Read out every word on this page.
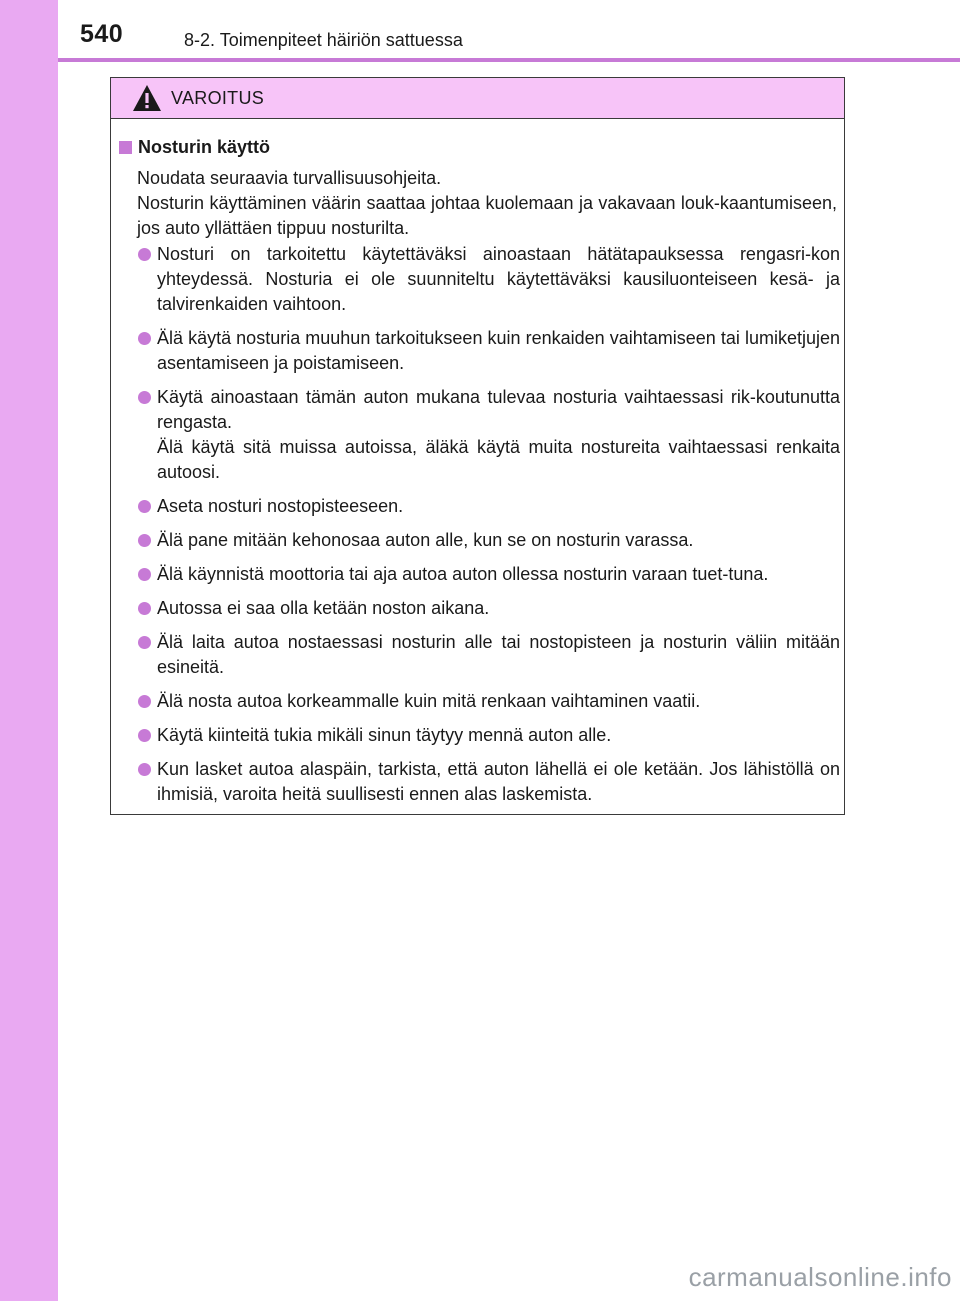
540	8-2. Toimenpiteet häiriön sattuessa
VAROITUS
Nosturin käyttö

Noudata seuraavia turvallisuusohjeita.

Nosturin käyttäminen väärin saattaa johtaa kuolemaan ja vakavaan louk-kaantumiseen, jos auto yllättäen tippuu nosturilta.

Nosturi on tarkoitettu käytettäväksi ainoastaan hätätapauksessa rengasri-kon yhteydessä. Nosturia ei ole suunniteltu käytettäväksi kausiluonteiseen kesä- ja talvirenkaiden vaihtoon.
Älä käytä nosturia muuhun tarkoitukseen kuin renkaiden vaihtamiseen tai lumiketjujen asentamiseen ja poistamiseen.
Käytä ainoastaan tämän auton mukana tulevaa nosturia vaihtaessasi rik-koutunutta rengasta.
Älä käytä sitä muissa autoissa, äläkä käytä muita nostureita vaihtaessasi renkaita autoosi.
Aseta nosturi nostopisteeseen.
Älä pane mitään kehonosaa auton alle, kun se on nosturin varassa.
Älä käynnistä moottoria tai aja autoa auton ollessa nosturin varaan tuet-tuna.
Autossa ei saa olla ketään noston aikana.
Älä laita autoa nostaessasi nosturin alle tai nostopisteen ja nosturin väliin mitään esineitä.
Älä nosta autoa korkeammalle kuin mitä renkaan vaihtaminen vaatii.
Käytä kiinteitä tukia mikäli sinun täytyy mennä auton alle.
Kun lasket autoa alaspäin, tarkista, että auton lähellä ei ole ketään. Jos lähistöllä on ihmisiä, varoita heitä suullisesti ennen alas laskemista.
carmanualsonline.info
